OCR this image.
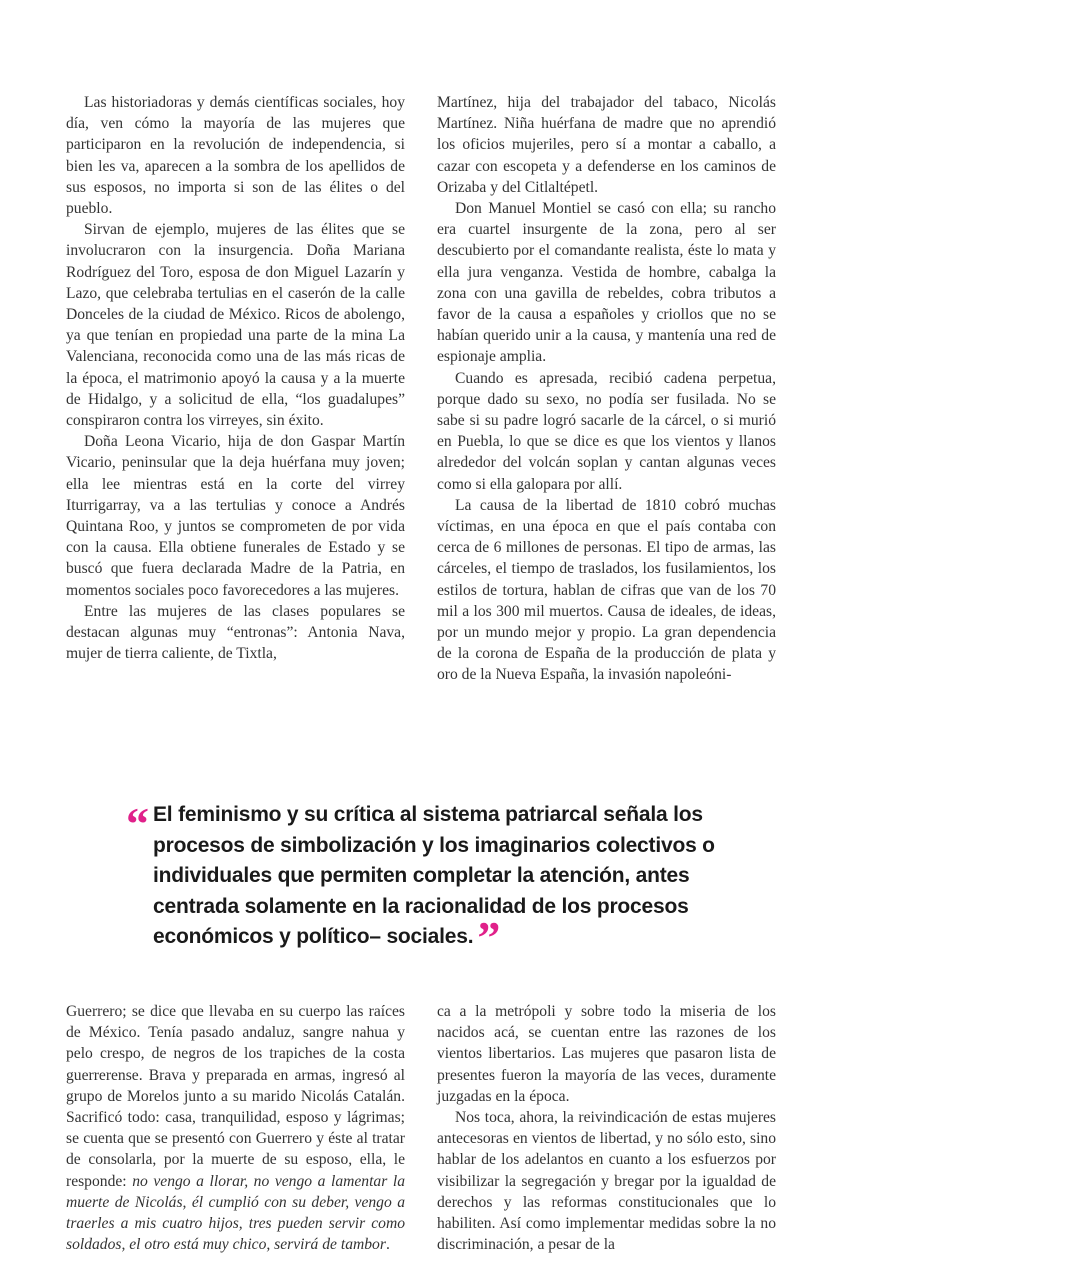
Las historiadoras y demás científicas sociales, hoy día, ven cómo la mayoría de las mujeres que participaron en la revolución de independencia, si bien les va, aparecen a la sombra de los apellidos de sus esposos, no importa si son de las élites o del pueblo.

Sirvan de ejemplo, mujeres de las élites que se involucraron con la insurgencia. Doña Mariana Rodríguez del Toro, esposa de don Miguel Lazarín y Lazo, que celebraba tertulias en el caserón de la calle Donceles de la ciudad de México. Ricos de abolengo, ya que tenían en propiedad una parte de la mina La Valenciana, reconocida como una de las más ricas de la época, el matrimonio apoyó la causa y a la muerte de Hidalgo, y a solicitud de ella, “los guadalupes” conspiraron contra los virreyes, sin éxito.

Doña Leona Vicario, hija de don Gaspar Martín Vicario, peninsular que la deja huérfana muy joven; ella lee mientras está en la corte del virrey Iturrigarray, va a las tertulias y conoce a Andrés Quintana Roo, y juntos se comprometen de por vida con la causa. Ella obtiene funerales de Estado y se buscó que fuera declarada Madre de la Patria, en momentos sociales poco favorecedores a las mujeres.

Entre las mujeres de las clases populares se destacan algunas muy “entronas”: Antonia Nava, mujer de tierra caliente, de Tixtla,

Martínez, hija del trabajador del tabaco, Nicolás Martínez. Niña huérfana de madre que no aprendió los oficios mujeriles, pero sí a montar a caballo, a cazar con escopeta y a defenderse en los caminos de Orizaba y del Citlaltépetl.

Don Manuel Montiel se casó con ella; su rancho era cuartel insurgente de la zona, pero al ser descubierto por el comandante realista, éste lo mata y ella jura venganza. Vestida de hombre, cabalga la zona con una gavilla de rebeldes, cobra tributos a favor de la causa a españoles y criollos que no se habían querido unir a la causa, y mantenía una red de espionaje amplia.

Cuando es apresada, recibió cadena perpetua, porque dado su sexo, no podía ser fusilada. No se sabe si su padre logró sacarle de la cárcel, o si murió en Puebla, lo que se dice es que los vientos y llanos alrededor del volcán soplan y cantan algunas veces como si ella galopara por allí.

La causa de la libertad de 1810 cobró muchas víctimas, en una época en que el país contaba con cerca de 6 millones de personas. El tipo de armas, las cárceles, el tiempo de traslados, los fusilamientos, los estilos de tortura, hablan de cifras que van de los 70 mil a los 300 mil muertos. Causa de ideales, de ideas, por un mundo mejor y propio. La gran dependencia de la corona de España de la producción de plata y oro de la Nueva España, la invasión napoleóni-

“ El feminismo y su crítica al sistema patriarcal señala los procesos de simbolización y los imaginarios colectivos o individuales que permiten completar la atención, antes centrada solamente en la racionalidad de los procesos económicos y político– sociales.”

Guerrero; se dice que llevaba en su cuerpo las raíces de México. Tenía pasado andaluz, sangre nahua y pelo crespo, de negros de los trapiches de la costa guerrerense. Brava y preparada en armas, ingresó al grupo de Morelos junto a su marido Nicolás Catalán. Sacrificó todo: casa, tranquilidad, esposo y lágrimas; se cuenta que se presentó con Guerrero y éste al tratar de consolarla, por la muerte de su esposo, ella, le responde: no vengo a llorar, no vengo a lamentar la muerte de Nicolás, él cumplió con su deber, vengo a traerles a mis cuatro hijos, tres pueden servir como soldados, el otro está muy chico, servirá de tambor.

ca a la metrópoli y sobre todo la miseria de los nacidos acá, se cuentan entre las razones de los vientos libertarios. Las mujeres que pasaron lista de presentes fueron la mayoría de las veces, duramente juzgadas en la época.

Nos toca, ahora, la reivindicación de estas mujeres antecesoras en vientos de libertad, y no sólo esto, sino hablar de los adelantos en cuanto a los esfuerzos por visibilizar la segregación y bregar por la igualdad de derechos y las reformas constitucionales que lo habiliten. Así como implementar medidas sobre la no discriminación, a pesar de la
